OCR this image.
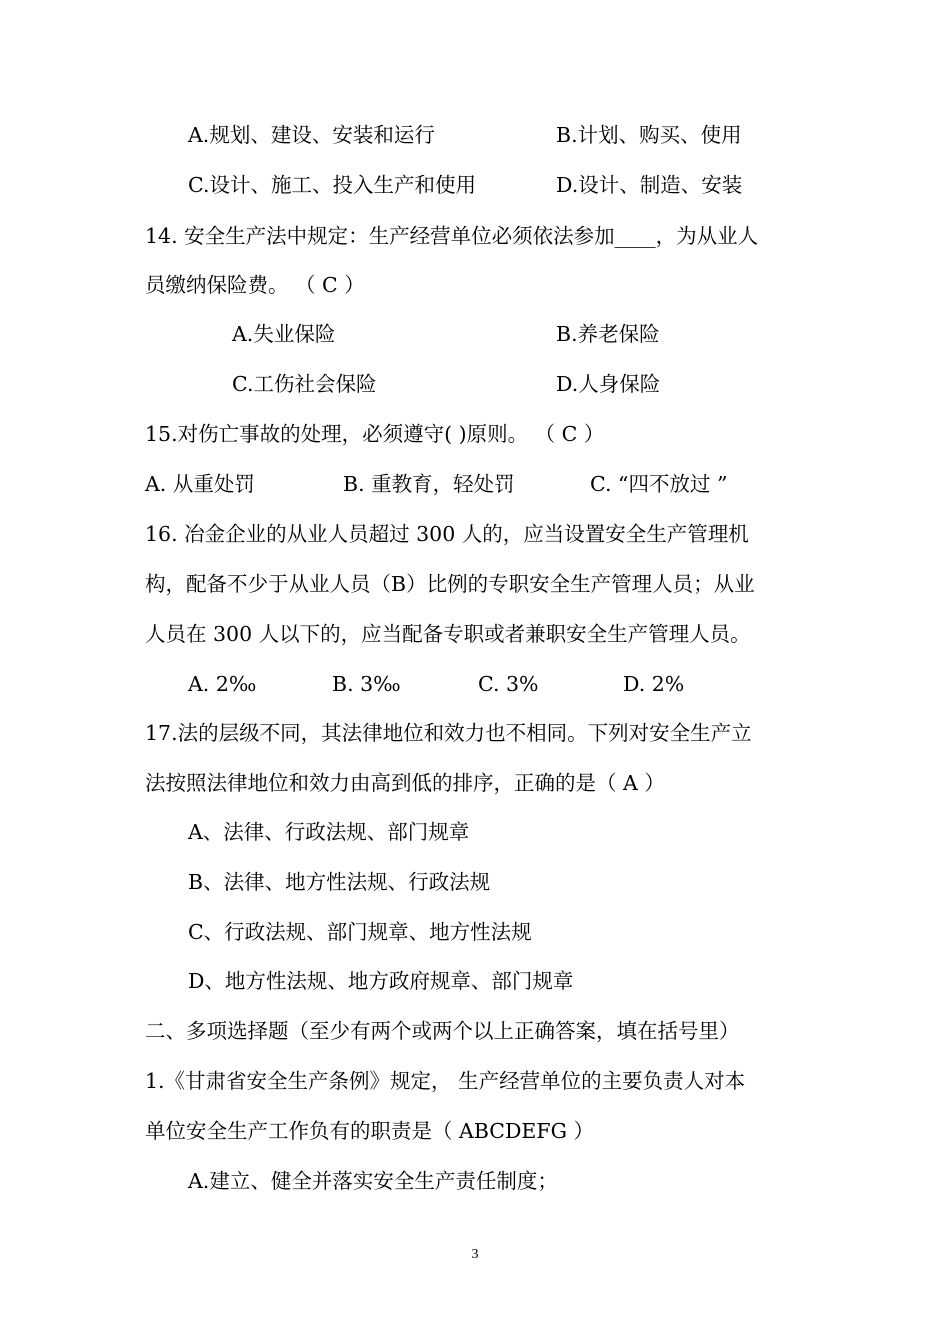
A.规划、建设、安装和运行	B.计划、购买、使用
C.设计、施工、投入生产和使用	D.设计、制造、安装
14. 安全生产法中规定：生产经营单位必须依法参加____，为从业人
员缴纳保险费。 （ C ）
A.失业保险	B.养老保险
C.工伤社会保险	D.人身保险
15.对伤亡事故的处理，必须遵守( )原则。 （ C ）
A. 从重处罚	B. 重教育，轻处罚	C. “四不放过 ”
16. 冶金企业的从业人员超过 300 人的，应当设置安全生产管理机
构，配备不少于从业人员（B）比例的专职安全生产管理人员；从业
人员在 300 人以下的，应当配备专职或者兼职安全生产管理人员。
A. 2‰	B. 3‰	C. 3%	D. 2%
17.法的层级不同，其法律地位和效力也不相同。下列对安全生产立
法按照法律地位和效力由高到低的排序，正确的是（ A ）
A、法律、行政法规、部门规章
B、法律、地方性法规、行政法规
C、行政法规、部门规章、地方性法规
D、地方性法规、地方政府规章、部门规章
二、多项选择题（至少有两个或两个以上正确答案，填在括号里）
1.《甘肃省安全生产条例》规定， 生产经营单位的主要负责人对本
单位安全生产工作负有的职责是（ ABCDEFG ）
A.建立、健全并落实安全生产责任制度；
3
